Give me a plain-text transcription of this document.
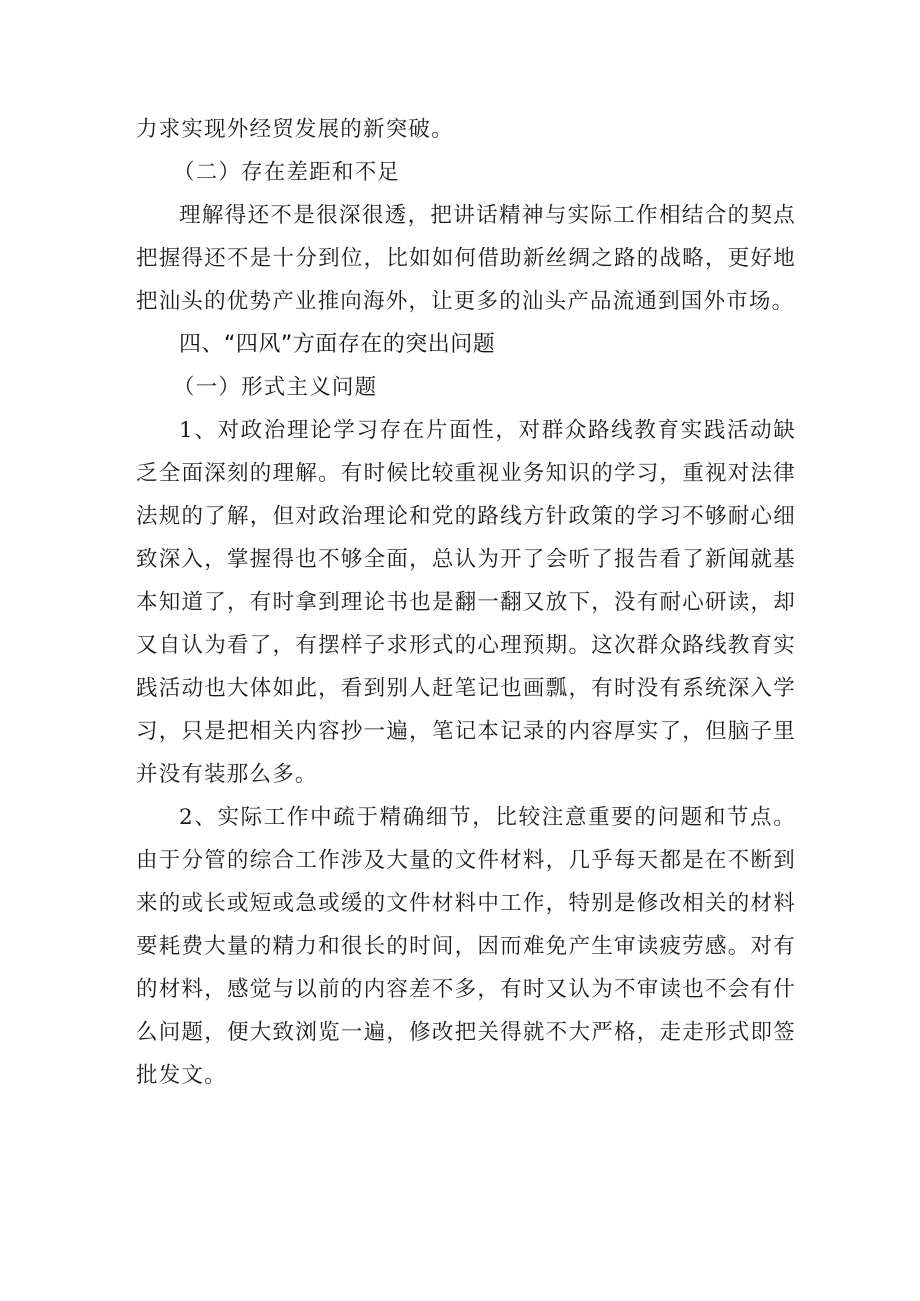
力求实现外经贸发展的新突破。

（二）存在差距和不足

理解得还不是很深很透，把讲话精神与实际工作相结合的契点把握得还不是十分到位，比如如何借助新丝绸之路的战略，更好地把汕头的优势产业推向海外，让更多的汕头产品流通到国外市场。

四、“四风”方面存在的突出问题

（一）形式主义问题

1、对政治理论学习存在片面性，对群众路线教育实践活动缺乏全面深刻的理解。有时候比较重视业务知识的学习，重视对法律法规的了解，但对政治理论和党的路线方针政策的学习不够耐心细致深入，掌握得也不够全面，总认为开了会听了报告看了新闻就基本知道了，有时拿到理论书也是翻一翻又放下，没有耐心研读，却又自认为看了，有摆样子求形式的心理预期。这次群众路线教育实践活动也大体如此，看到别人赶笔记也画瓢，有时没有系统深入学习，只是把相关内容抄一遍，笔记本记录的内容厚实了，但脑子里并没有装那么多。

2、实际工作中疏于精确细节，比较注意重要的问题和节点。由于分管的综合工作涉及大量的文件材料，几乎每天都是在不断到来的或长或短或急或缓的文件材料中工作，特别是修改相关的材料要耗费大量的精力和很长的时间，因而难免产生审读疲劳感。对有的材料，感觉与以前的内容差不多，有时又认为不审读也不会有什么问题，便大致浏览一遍，修改把关得就不大严格，走走形式即签批发文。
